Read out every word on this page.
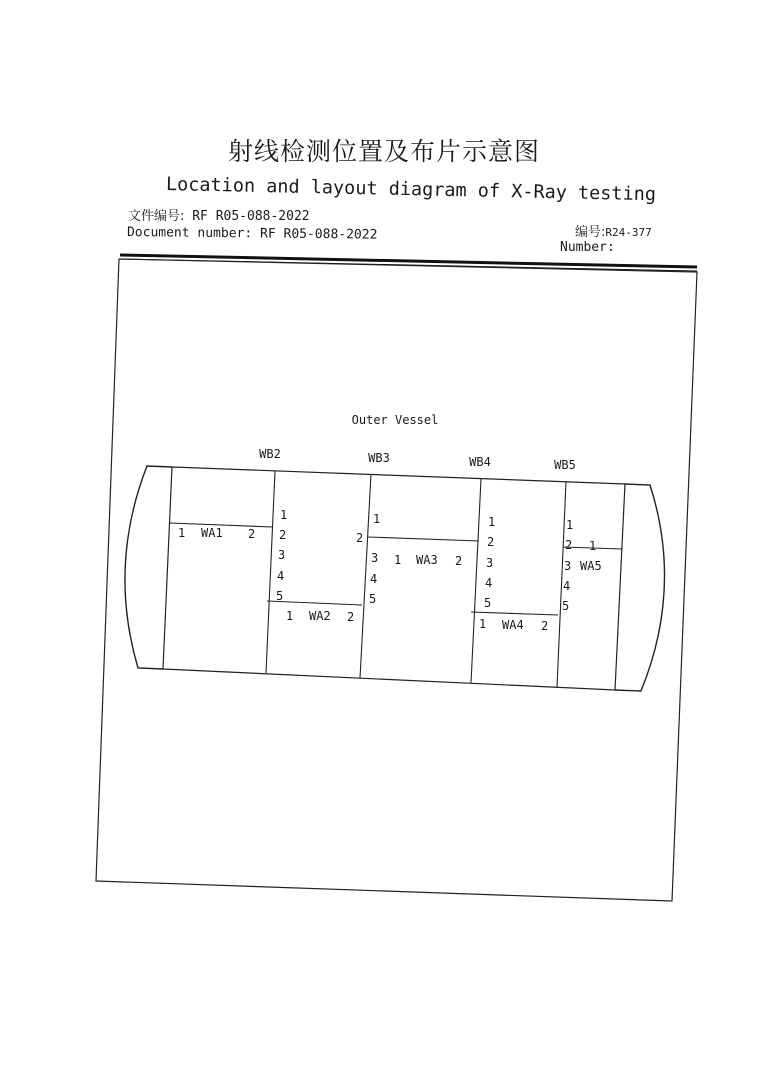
射线检测位置及布片示意图
Location and layout diagram of X-Ray testing
文件编号: RF R05-088-2022
Document number: RF R05-088-2022	编号:R24-377
Number:
Outer Vessel
WB2	WB3	WB4	WB5
1 WA1 2
1
2
3
4
5
1 WA2 2
2
1
3
4
5
1 WA3 2
1
2
3
4
5
1 WA4 2
1
2 1
3 WA5
4
5
